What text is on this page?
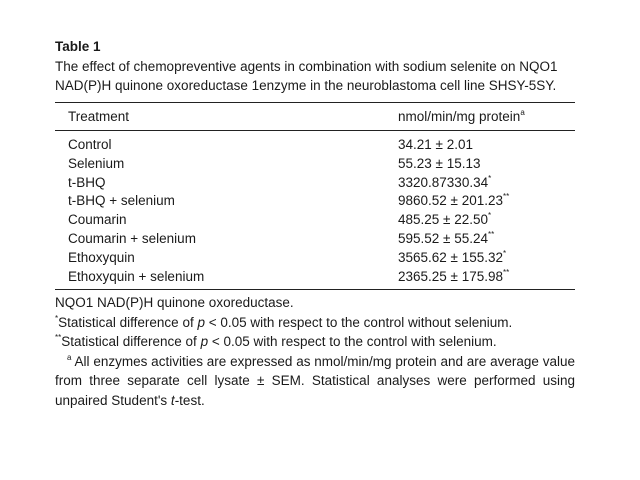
Table 1
The effect of chemopreventive agents in combination with sodium selenite on NQO1 NAD(P)H quinone oxoreductase 1enzyme in the neuroblastoma cell line SHSY-5SY.
Treatment	nmol/min/mg protein$^a$
Control	34.21 ± 2.01
Selenium	55.23 ± 15.13
t-BHQ	3320.87330.34*
t-BHQ + selenium	9860.52 ± 201.23**
Coumarin	485.25 ± 22.50*
Coumarin + selenium	595.52 ± 55.24**
Ethoxyquin	3565.62 ± 155.32*
Ethoxyquin + selenium	2365.25 ± 175.98**
NQO1 NAD(P)H quinone oxoreductase.
*Statistical difference of p < 0.05 with respect to the control without selenium.
**Statistical difference of p < 0.05 with respect to the control with selenium.
$^a$ All enzymes activities are expressed as nmol/min/mg protein and are average value from three separate cell lysate ± SEM. Statistical analyses were performed using unpaired Student's t-test.
